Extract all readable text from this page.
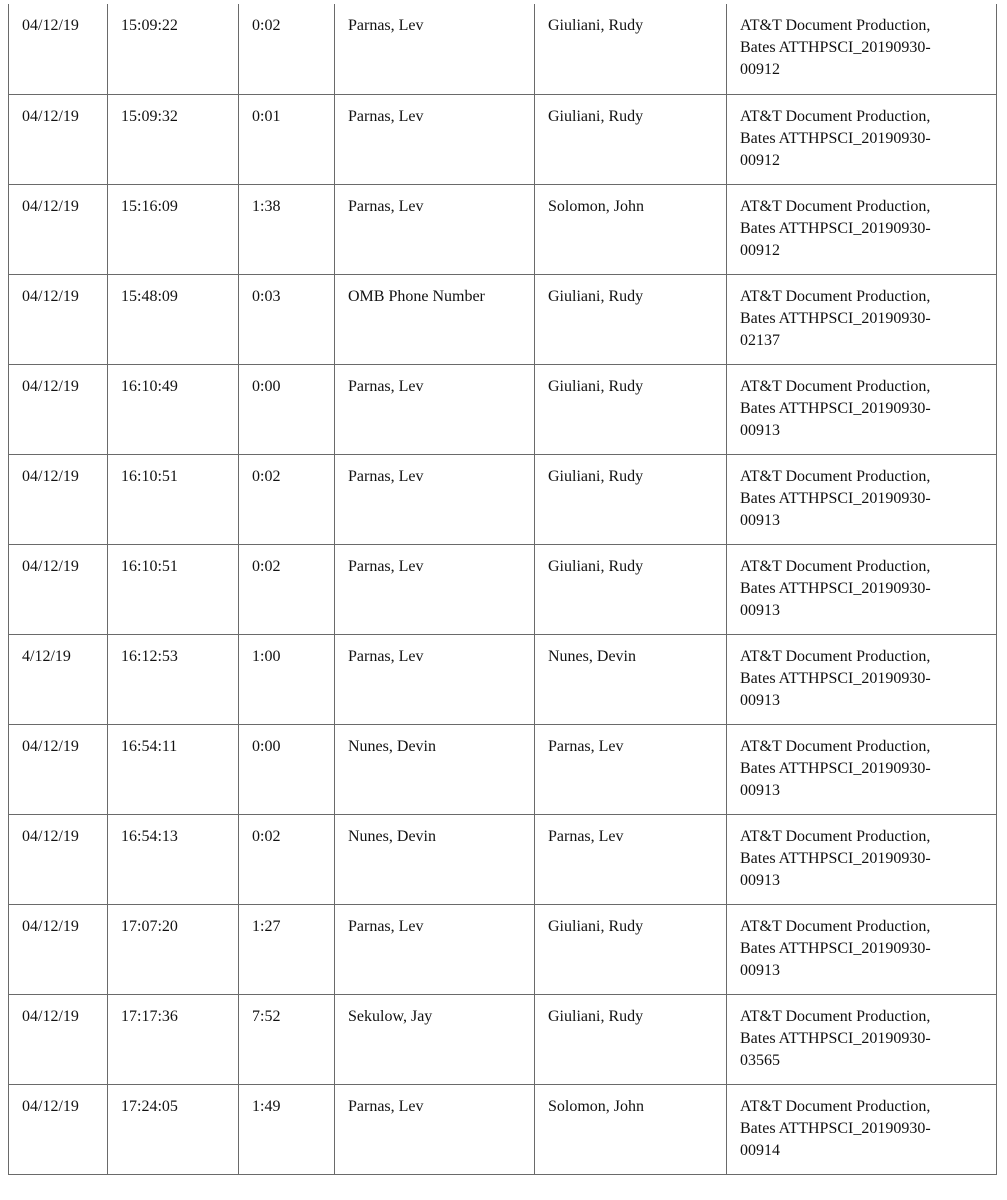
04/12/19	15:09:22	0:02	Parnas, Lev	Giuliani, Rudy	AT&T Document Production,
Bates ATTHPSCI_20190930-
00912

04/12/19	15:09:32	0:01	Parnas, Lev	Giuliani, Rudy	AT&T Document Production,
Bates ATTHPSCI_20190930-
00912

04/12/19	15:16:09	1:38	Parnas, Lev	Solomon, John	AT&T Document Production,
Bates ATTHPSCI_20190930-
00912

04/12/19	15:48:09	0:03	OMB Phone Number	Giuliani, Rudy	AT&T Document Production,
Bates ATTHPSCI_20190930-
02137

04/12/19	16:10:49	0:00	Parnas, Lev	Giuliani, Rudy	AT&T Document Production,
Bates ATTHPSCI_20190930-
00913

04/12/19	16:10:51	0:02	Parnas, Lev	Giuliani, Rudy	AT&T Document Production,
Bates ATTHPSCI_20190930-
00913

04/12/19	16:10:51	0:02	Parnas, Lev	Giuliani, Rudy	AT&T Document Production,
Bates ATTHPSCI_20190930-
00913

4/12/19	16:12:53	1:00	Parnas, Lev	Nunes, Devin	AT&T Document Production,
Bates ATTHPSCI_20190930-
00913

04/12/19	16:54:11	0:00	Nunes, Devin	Parnas, Lev	AT&T Document Production,
Bates ATTHPSCI_20190930-
00913

04/12/19	16:54:13	0:02	Nunes, Devin	Parnas, Lev	AT&T Document Production,
Bates ATTHPSCI_20190930-
00913

04/12/19	17:07:20	1:27	Parnas, Lev	Giuliani, Rudy	AT&T Document Production,
Bates ATTHPSCI_20190930-
00913

04/12/19	17:17:36	7:52	Sekulow, Jay	Giuliani, Rudy	AT&T Document Production,
Bates ATTHPSCI_20190930-
03565

04/12/19	17:24:05	1:49	Parnas, Lev	Solomon, John	AT&T Document Production,
Bates ATTHPSCI_20190930-
00914
